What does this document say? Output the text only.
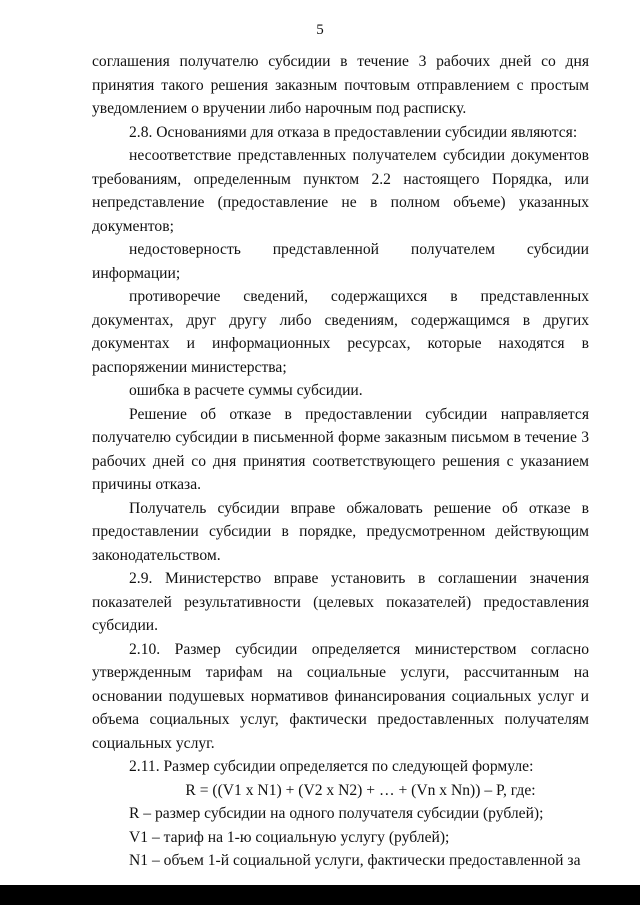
5

соглашения получателю субсидии в течение 3 рабочих дней со дня принятия такого решения заказным почтовым отправлением с простым уведомлением о вручении либо нарочным под расписку.

2.8. Основаниями для отказа в предоставлении субсидии являются:

несоответствие представленных получателем субсидии документов требованиям, определенным пунктом 2.2 настоящего Порядка, или непредставление (предоставление не в полном объеме) указанных документов;

недостоверность представленной получателем субсидии информации;

противоречие сведений, содержащихся в представленных документах, друг другу либо сведениям, содержащимся в других документах и информационных ресурсах, которые находятся в распоряжении министерства;

ошибка в расчете суммы субсидии.

Решение об отказе в предоставлении субсидии направляется получателю субсидии в письменной форме заказным письмом в течение 3 рабочих дней со дня принятия соответствующего решения с указанием причины отказа.

Получатель субсидии вправе обжаловать решение об отказе в предоставлении субсидии в порядке, предусмотренном действующим законодательством.

2.9. Министерство вправе установить в соглашении значения показателей результативности (целевых показателей) предоставления субсидии.

2.10. Размер субсидии определяется министерством согласно утвержденным тарифам на социальные услуги, рассчитанным на основании подушевых нормативов финансирования социальных услуг и объема социальных услуг, фактически предоставленных получателям социальных услуг.

2.11. Размер субсидии определяется по следующей формуле:

R = ((V1 x N1) + (V2 x N2) + … + (Vn x Nn)) – P, где:

R – размер субсидии на одного получателя субсидии (рублей);

V1 – тариф на 1-ю социальную услугу (рублей);

N1 – объем 1-й социальной услуги, фактически предоставленной за
